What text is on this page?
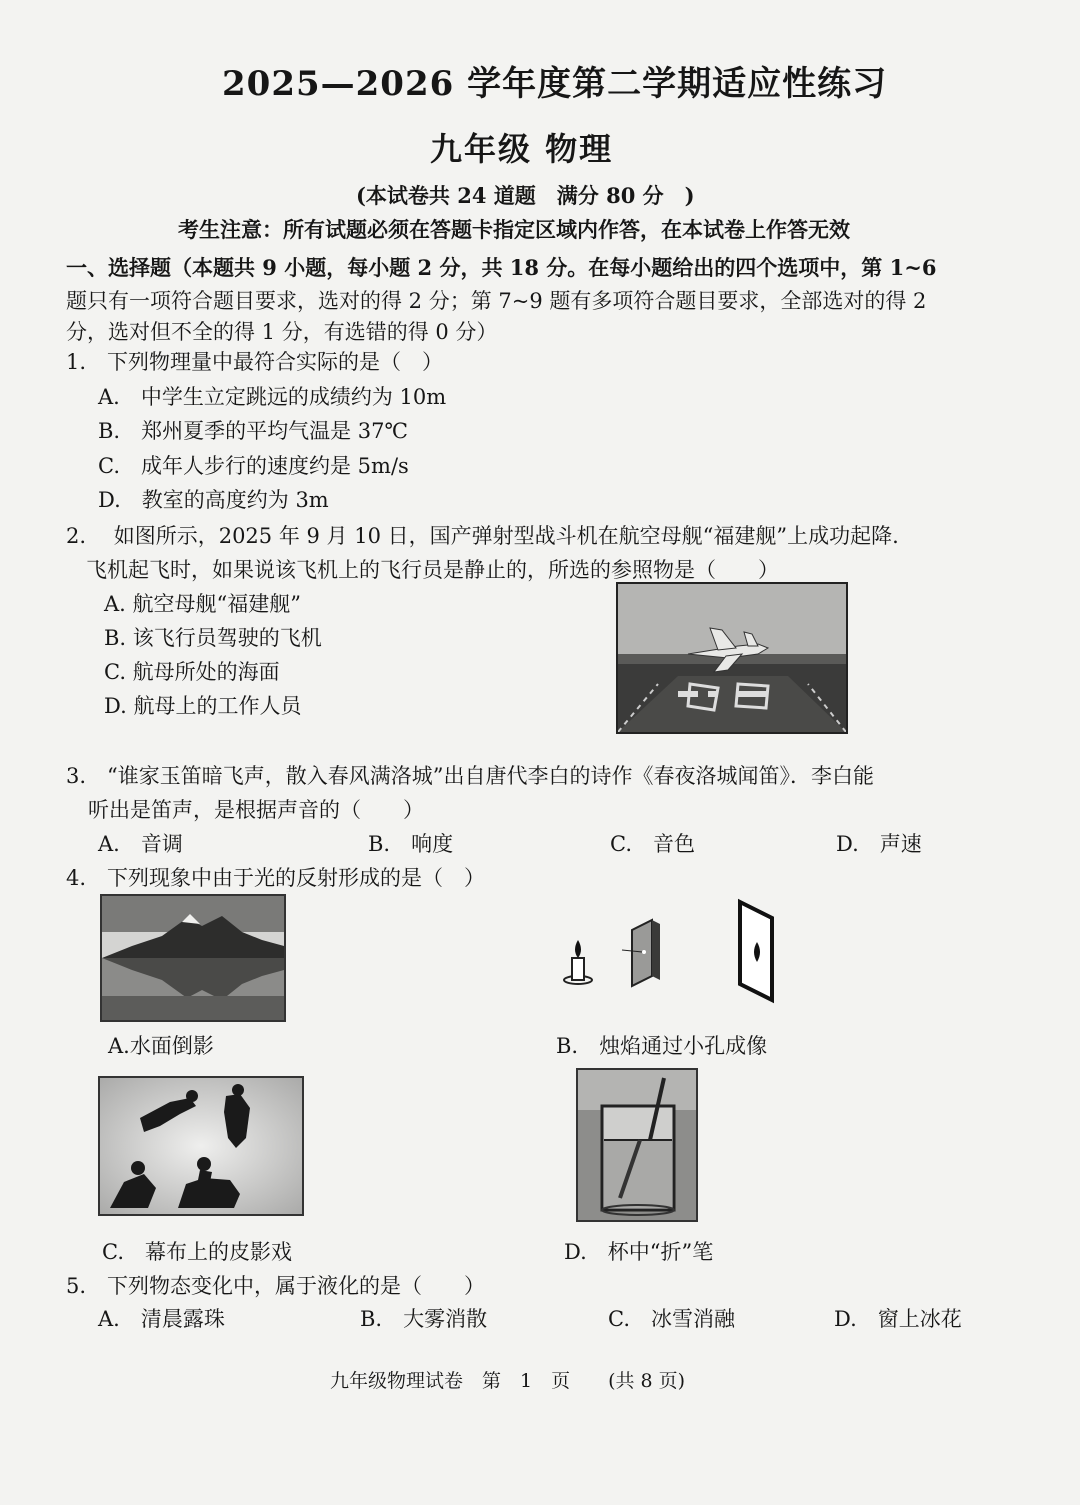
2025—2026 学年度第二学期适应性练习
九年级 物理
(本试卷共 24 道题　满分 80 分　)
考生注意：所有试题必须在答题卡指定区域内作答，在本试卷上作答无效
一、选择题（本题共 9 小题，每小题 2 分，共 18 分。在每小题给出的四个选项中，第 1~6
题只有一项符合题目要求，选对的得 2 分；第 7~9 题有多项符合题目要求，全部选对的得 2
分，选对但不全的得 1 分，有选错的得 0 分）
1.　下列物理量中最符合实际的是（　）
A.　中学生立定跳远的成绩约为 10m
B.　郑州夏季的平均气温是 37℃
C.　成年人步行的速度约是 5m/s
D.　教室的高度约为 3m
2.　 如图所示，2025 年 9 月 10 日，国产弹射型战斗机在航空母舰“福建舰”上成功起降.
飞机起飞时，如果说该飞机上的飞行员是静止的，所选的参照物是（　　）
A. 航空母舰“福建舰”
B. 该飞行员驾驶的飞机
C. 航母所处的海面
D. 航母上的工作人员
3.　“谁家玉笛暗飞声，散入春风满洛城”出自唐代李白的诗作《春夜洛城闻笛》．李白能
听出是笛声，是根据声音的（　　）
A.　音调	B.　响度	C.　音色	D.　声速
4.　下列现象中由于光的反射形成的是（　）
A.水面倒影	B.　烛焰通过小孔成像
C.　幕布上的皮影戏	D.　杯中“折”笔
5.　下列物态变化中，属于液化的是（　　）
A.　清晨露珠	B.　大雾消散	C.　冰雪消融	D.　窗上冰花
九年级物理试卷　第　1　页　　(共 8 页)
